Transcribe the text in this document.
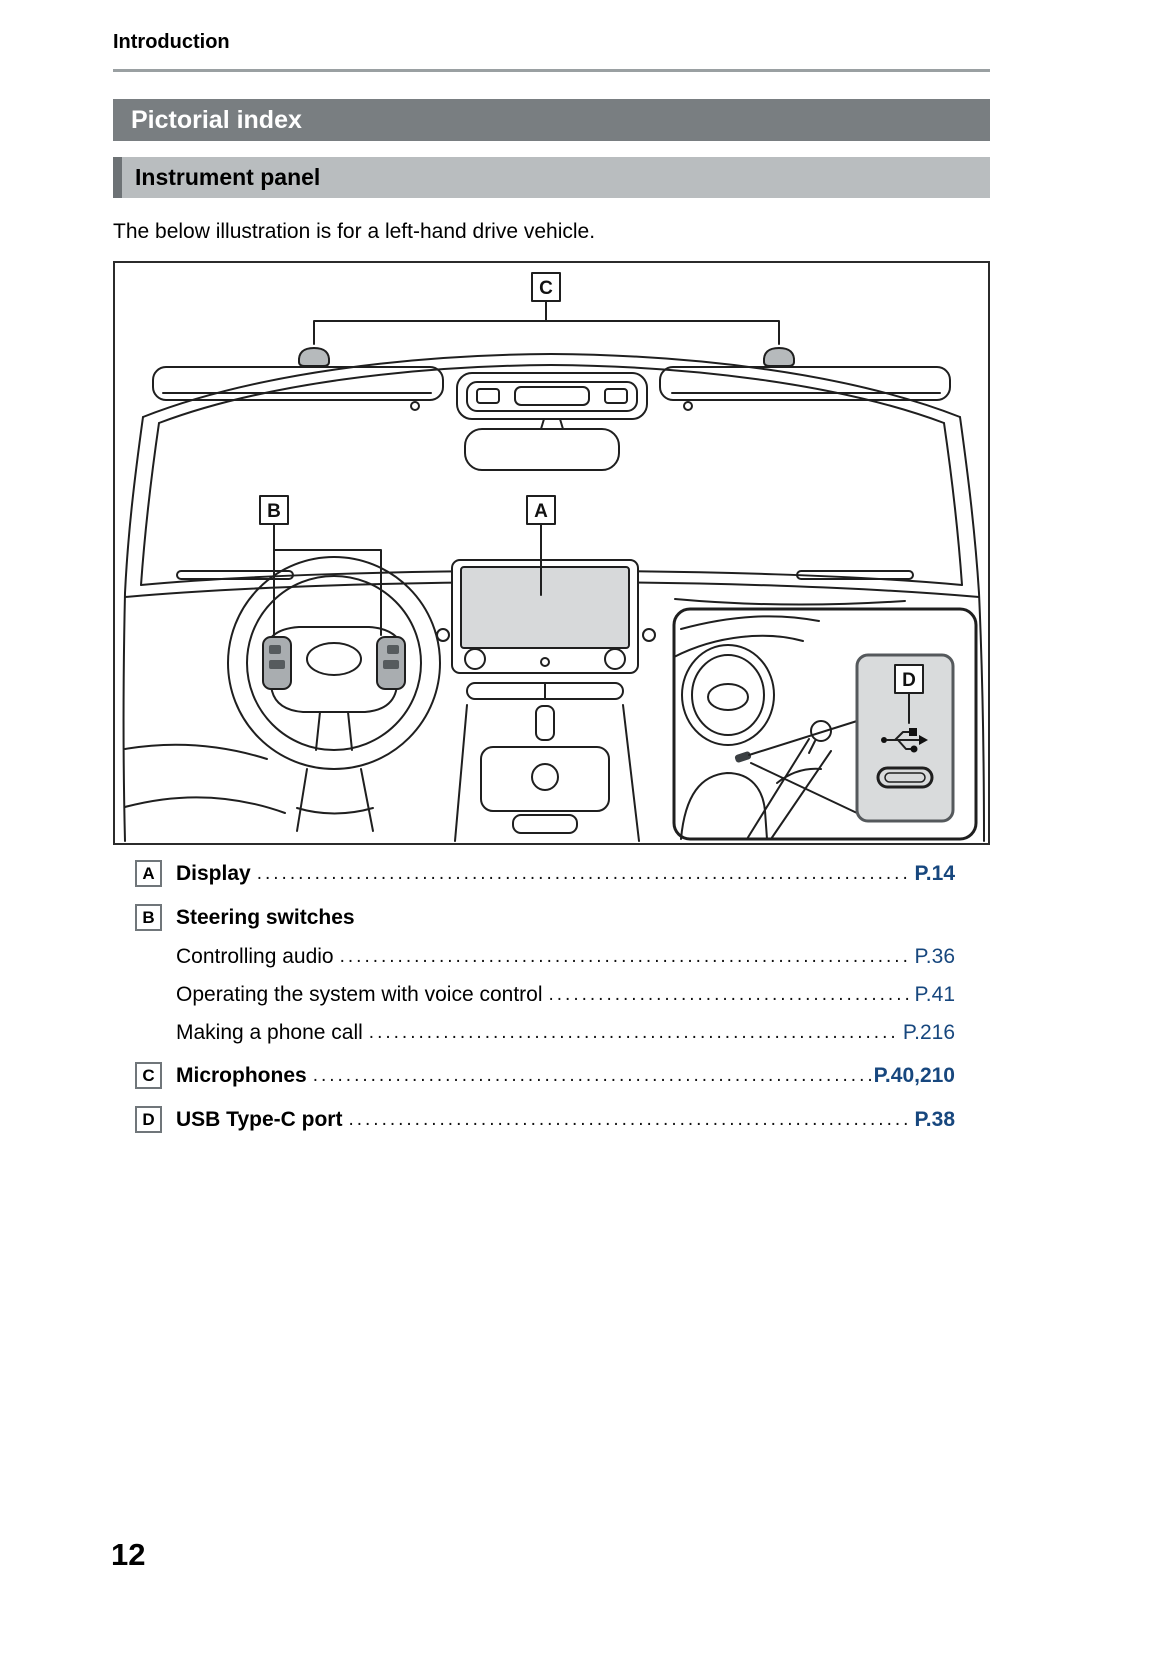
Introduction
Pictorial index
Instrument panel

The below illustration is for a left-hand drive vehicle.

C
B	A
D
A	Display .....	P.14
B	Steering switches
Controlling audio .....	P.36
Operating the system with voice control .....	P.41
Making a phone call .....	P.216
C	Microphones .....	P.40,210
D	USB Type-C port .....	P.38
12
